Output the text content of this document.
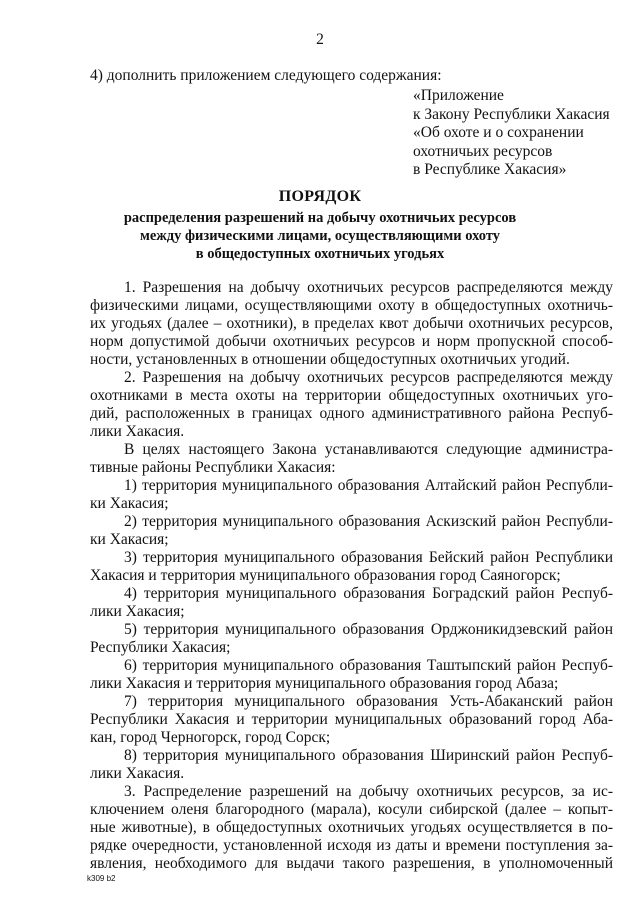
2
4) дополнить приложением следующего содержания:
«Приложение
к Закону Республики Хакасия
«Об охоте и о сохранении
охотничьих ресурсов
в Республике Хакасия»
ПОРЯДОК
распределения разрешений на добычу охотничьих ресурсов
между физическими лицами, осуществляющими охоту
в общедоступных охотничьих угодьях
1. Разрешения на добычу охотничьих ресурсов распределяются между
физическими лицами, осуществляющими охоту в общедоступных охотничь-
их угодьях (далее – охотники), в пределах квот добычи охотничьих ресурсов,
норм допустимой добычи охотничьих ресурсов и норм пропускной способ-
ности, установленных в отношении общедоступных охотничьих угодий.
2. Разрешения на добычу охотничьих ресурсов распределяются между
охотниками в места охоты на территории общедоступных охотничьих уго-
дий, расположенных в границах одного административного района Респуб-
лики Хакасия.
В целях настоящего Закона устанавливаются следующие администра-
тивные районы Республики Хакасия:
1) территория муниципального образования Алтайский район Республи-
ки Хакасия;
2) территория муниципального образования Аскизский район Республи-
ки Хакасия;
3) территория муниципального образования Бейский район Республики
Хакасия и территория муниципального образования город Саяногорск;
4) территория муниципального образования Боградский район Респуб-
лики Хакасия;
5) территория муниципального образования Орджоникидзевский район
Республики Хакасия;
6) территория муниципального образования Таштыпский район Респуб-
лики Хакасия и территория муниципального образования город Абаза;
7) территория муниципального образования Усть-Абаканский район
Республики Хакасия и территории муниципальных образований город Аба-
кан, город Черногорск, город Сорск;
8) территория муниципального образования Ширинский район Респуб-
лики Хакасия.
3. Распределение разрешений на добычу охотничьих ресурсов, за ис-
ключением оленя благородного (марала), косули сибирской (далее – копыт-
ные животные), в общедоступных охотничьих угодьях осуществляется в по-
рядке очередности, установленной исходя из даты и времени поступления за-
явления, необходимого для выдачи такого разрешения, в уполномоченный
k309 b2
